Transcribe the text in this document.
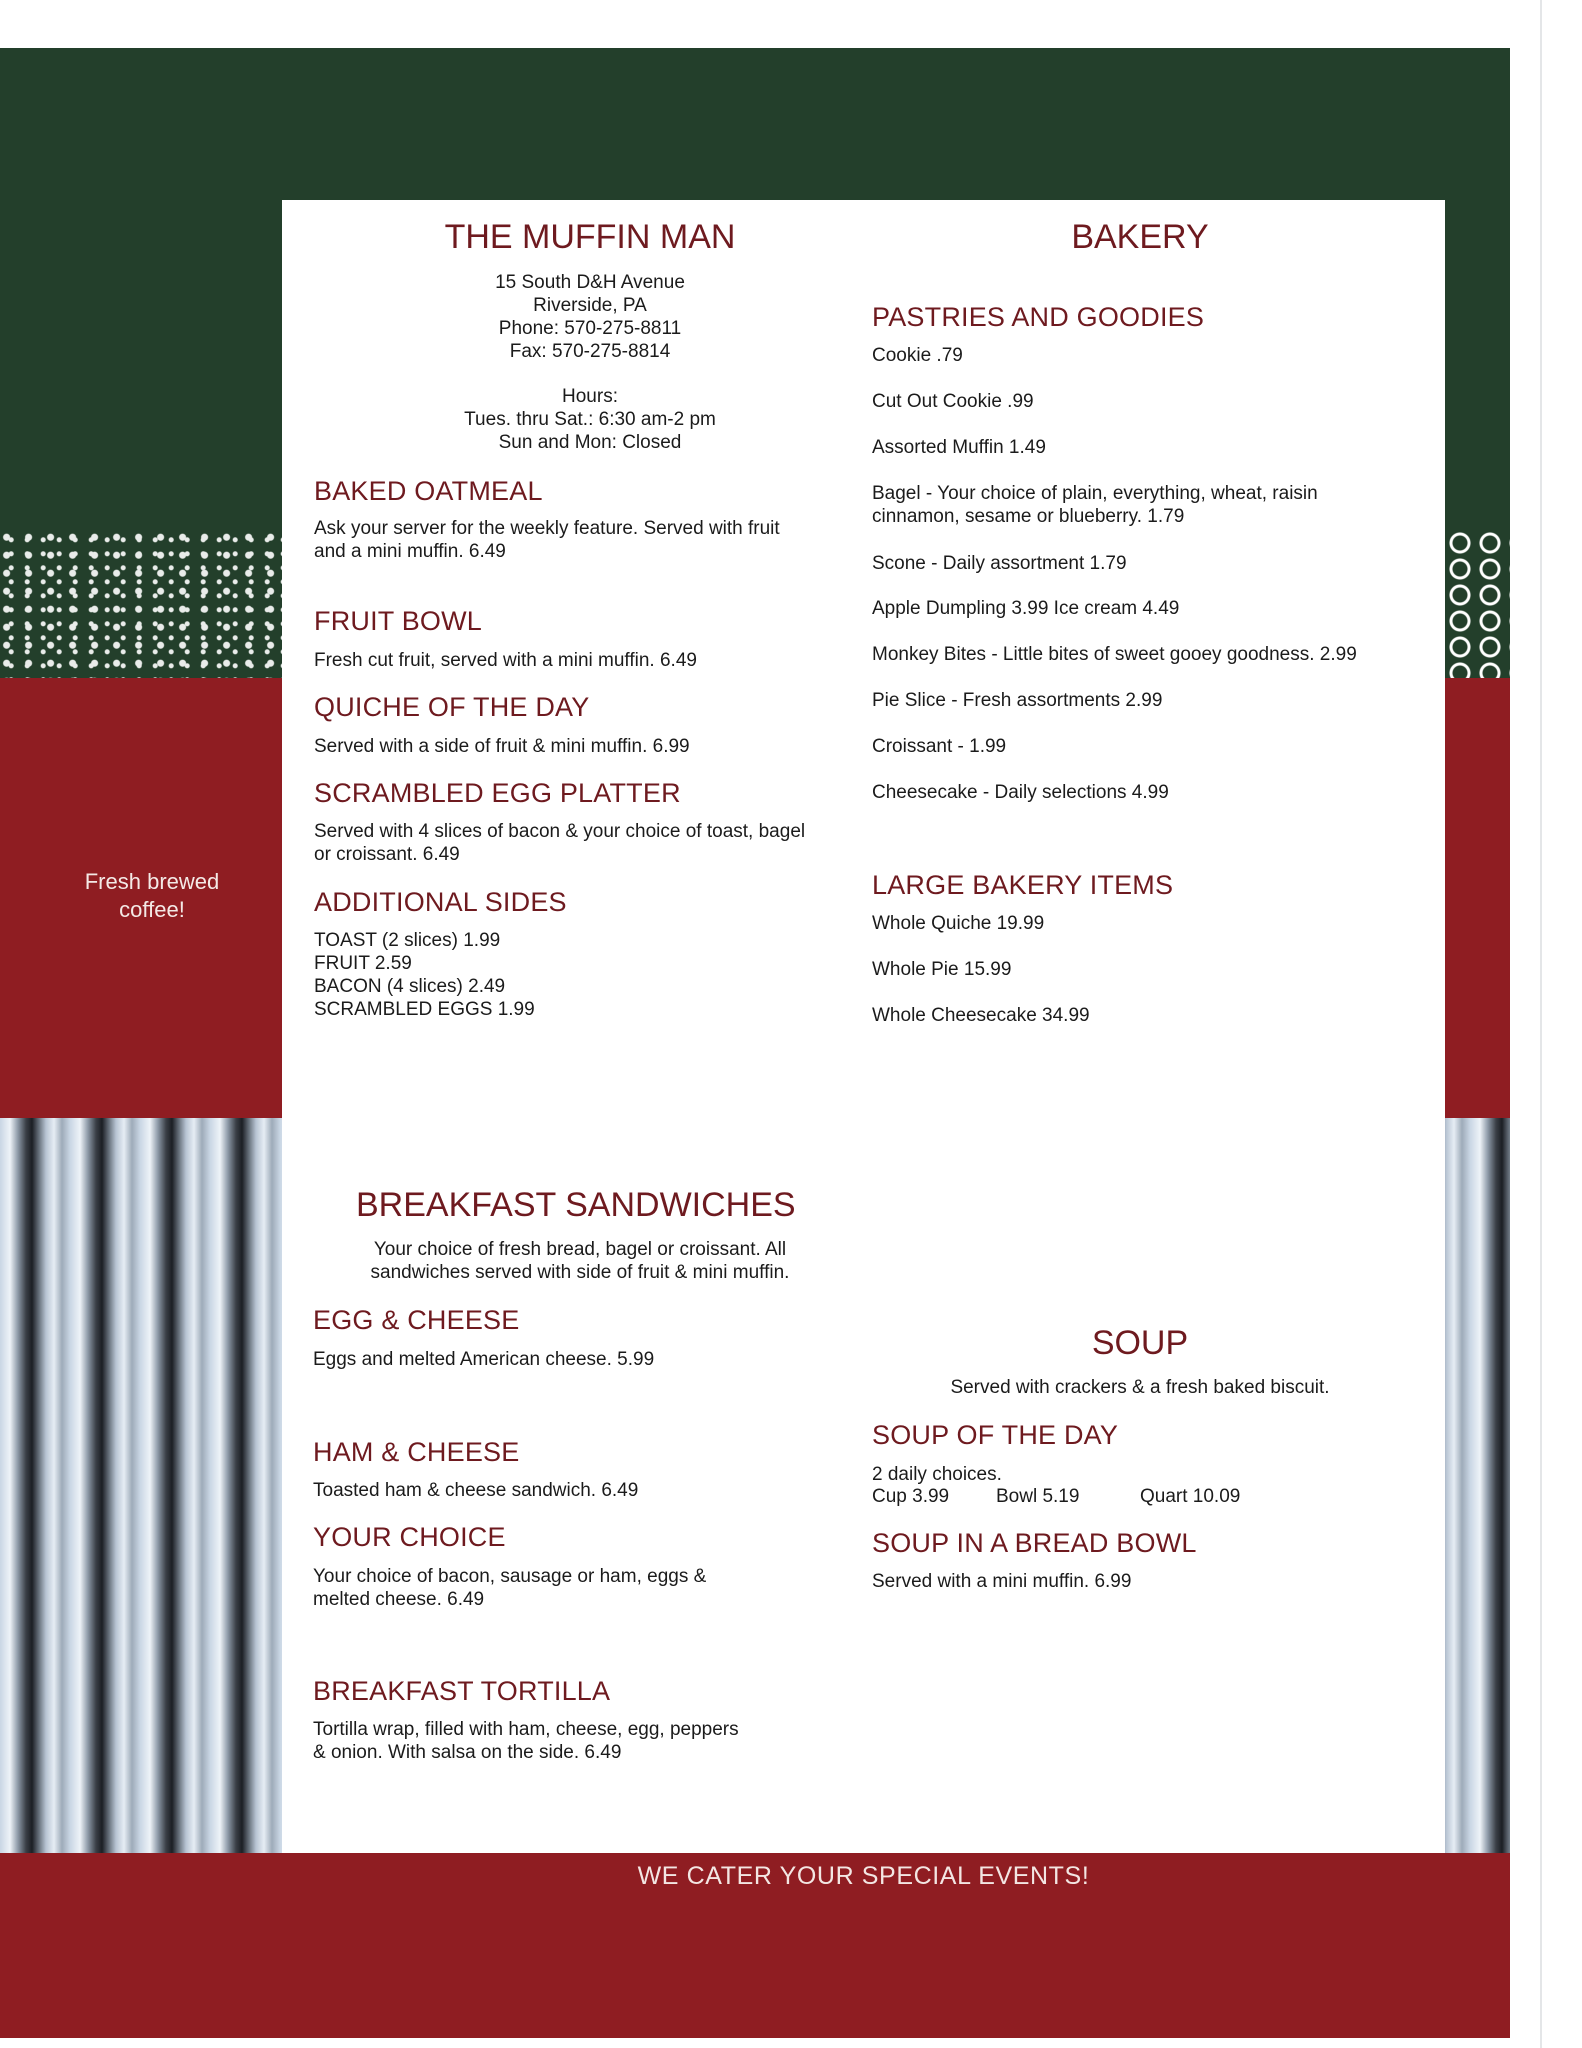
Fresh brewed
coffee!
THE MUFFIN MAN
15 South D&H Avenue
Riverside, PA
Phone: 570-275-8811
Fax: 570-275-8814
Hours:
Tues. thru Sat.: 6:30 am-2 pm
Sun and Mon: Closed
BAKED OATMEAL
Ask your server for the weekly feature. Served with fruit
and a mini muffin. 6.49
FRUIT BOWL
Fresh cut fruit, served with a mini muffin. 6.49
QUICHE OF THE DAY
Served with a side of fruit & mini muffin. 6.99
SCRAMBLED EGG PLATTER
Served with 4 slices of bacon & your choice of toast, bagel
or croissant. 6.49
ADDITIONAL SIDES
TOAST (2 slices) 1.99
FRUIT 2.59
BACON (4 slices) 2.49
SCRAMBLED EGGS 1.99
BAKERY
PASTRIES AND GOODIES
Cookie .79
Cut Out Cookie .99
Assorted Muffin 1.49
Bagel - Your choice of plain, everything, wheat, raisin
cinnamon, sesame or blueberry. 1.79
Scone - Daily assortment 1.79
Apple Dumpling 3.99 Ice cream 4.49
Monkey Bites - Little bites of sweet gooey goodness. 2.99
Pie Slice - Fresh assortments 2.99
Croissant - 1.99
Cheesecake - Daily selections 4.99
LARGE BAKERY ITEMS
Whole Quiche 19.99
Whole Pie 15.99
Whole Cheesecake 34.99
BREAKFAST SANDWICHES
Your choice of fresh bread, bagel or croissant. All
sandwiches served with side of fruit & mini muffin.
EGG & CHEESE
Eggs and melted American cheese. 5.99
HAM & CHEESE
Toasted ham & cheese sandwich. 6.49
YOUR CHOICE
Your choice of bacon, sausage or ham, eggs &
melted cheese. 6.49
BREAKFAST TORTILLA
Tortilla wrap, filled with ham, cheese, egg, peppers
& onion. With salsa on the side. 6.49
SOUP
Served with crackers & a fresh baked biscuit.
SOUP OF THE DAY
2 daily choices.
Cup 3.99 Bowl 5.19	Quart 10.09
SOUP IN A BREAD BOWL
Served with a mini muffin. 6.99
WE CATER YOUR SPECIAL EVENTS!
